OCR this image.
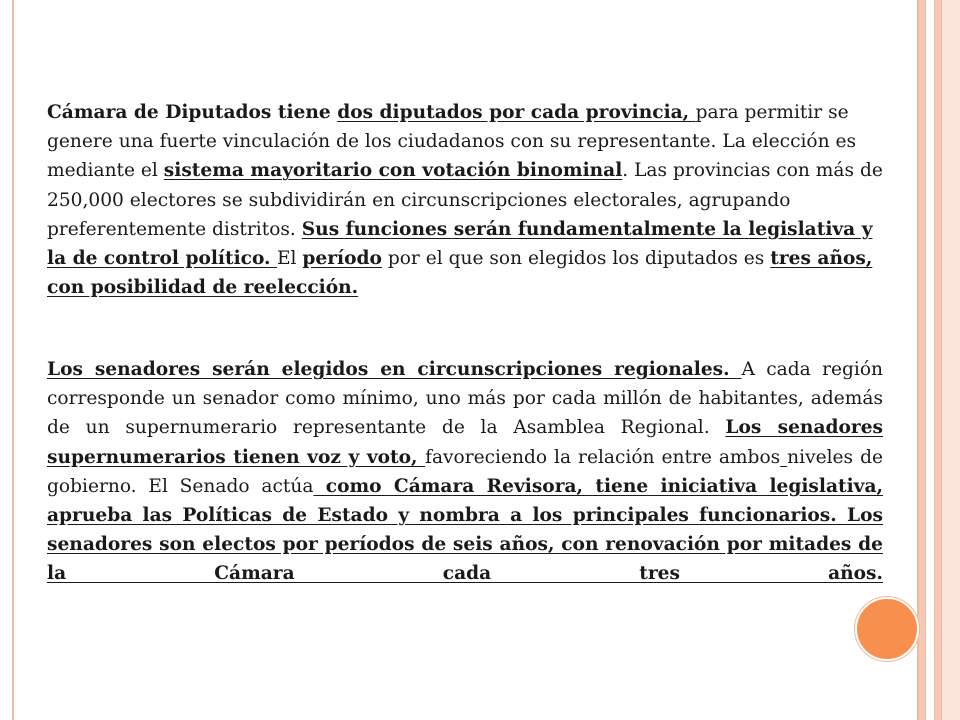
Cámara de Diputados tiene dos diputados por cada provincia, para permitir se genere una fuerte vinculación de los ciudadanos con su representante. La elección es mediante el sistema mayoritario con votación binominal. Las provincias con más de 250,000 electores se subdividirán en circunscripciones electorales, agrupando preferentemente distritos. Sus funciones serán fundamentalmente la legislativa y la de control político. El período por el que son elegidos los diputados es tres años, con posibilidad de reelección.

Los senadores serán elegidos en circunscripciones regionales. A cada región corresponde un senador como mínimo, uno más por cada millón de habitantes, además de un supernumerario representante de la Asamblea Regional. Los senadores supernumerarios tienen voz y voto, favoreciendo la relación entre ambos niveles de gobierno. El Senado actúa como Cámara Revisora, tiene iniciativa legislativa, aprueba las Políticas de Estado y nombra a los principales funcionarios. Los senadores son electos por períodos de seis años, con renovación por mitades de la Cámara cada tres años.
